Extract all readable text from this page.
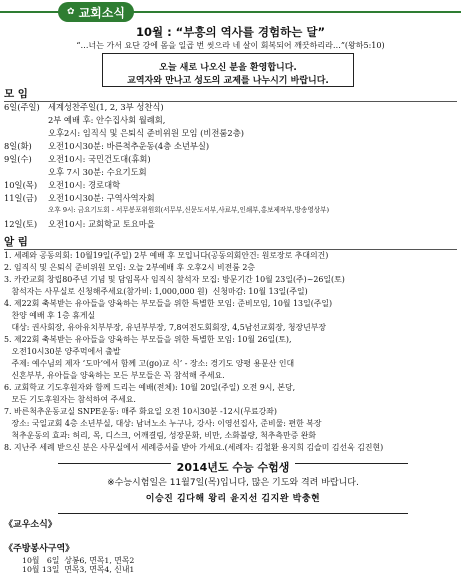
✿ 교회소식
10월 : “부흥의 역사를 경험하는 달”
“…너는 가서 요단 강에 몸을 일곱 번 씻으라 네 살이 회복되어 깨끗하리라…”(왕하5:10)
오늘 새로 나오신 분을 환영합니다.
교역자와 만나고 성도의 교제를 나누시기 바랍니다.
모 임
6일(주일) 세계성찬주일(1, 2, 3부 성찬식)
2부 예배 후: 안수집사회 월례회,
오후2시: 임직식 및 은퇴식 준비위원 모임 (비전룸2층)
8일(화) 오전10시30분: 바른척추운동(4층 소년부실)
9일(수) 오전10시: 국민건도대(휴회)
오후 7시 30분: 수요기도회
10일(목) 오전10시: 경로대학
11일(금) 오전10시30분: 구역사역자회
오후 9시: 금요기도회 - 서무봉포위원회(서무부,신문도서부,사료부,인쇄부,홍보제작부,방송영상부)
12일(토) 오전10시: 교회학교 토요마을
알 림
1. 세례와 공동의회: 10월19일(주일) 2부 예배 후 모입니다(공동의회안건: 원로장로 추대의건)
2. 임직식 및 은퇴식 준비위원 모임: 오늘 2부예배 후 오후2시 비전룸 2층
3. 카칸교회 창립80주년 기념 및 담임목사 임직식 참석자 모집: 방문기간 10월 23일(주)~26일(토)
참석자는 사무실로 신청해주세요(참가비: 1,000,000 원)  신청마감: 10월 13일(주일)
4. 제22회 축복받는 유아들을 양육하는 부모들을 위한 특별한 모임: 준비모임, 10월 13일(주일)
찬양 예배 후 1층 휴게실
대상: 권사회장, 유아유치부부장, 유년부부장, 7,8여전도회회장, 4,5남선교회장, 청장년부장
5. 제22회 축복받는 유아들을 양육하는 부모들을 위한 특별한 모임: 10월 26일(토),
오전10시30분 양주먹에서 출발
주제: 예수님의 제자 ‘도마’에서 함께 고(go)교 식’ - 장소: 경기도 양평 용문산 인대
신혼부부, 유아들을 양육하는 모든 부모들은 꼭 참석해 주세요.
6. 교회학교 기도후원자와 함께 드리는 예배(전체): 10월 20일(주일) 오전 9시, 본당,
모든 기도후원자는 참석하여 주세요.
7. 바른척추운동교실 SNPE운동: 매주 화요일 오전 10시30분 -12시(무료강좌)
장소: 국일교회 4층 소년부실, 대상: 남녀노소 누구나, 강사: 이영선집사, 준비물: 편한 복장
척추운동의 효과: 허리, 목, 디스크, 어깨결림, 성장문화, 비만, 소화불량, 척추측만증 완화
8. 지난주 세례 받으신 분은 사무실에서 세례증서를 받아 가세요.(세례자: 김철환 용지희 김슬미 김선욱 김진현)
2014년도 수능 수험생
※수능시험일은 11월7일(목)입니다, 많은 기도와 격려 바랍니다.
이승진 김다해 왕리 윤지선 김지완 박충현
《교우소식》
《주방봉사구역》
10월   6일  상봉6, 면목1, 면목2
10월 13일  면목3, 면목4, 신내1
